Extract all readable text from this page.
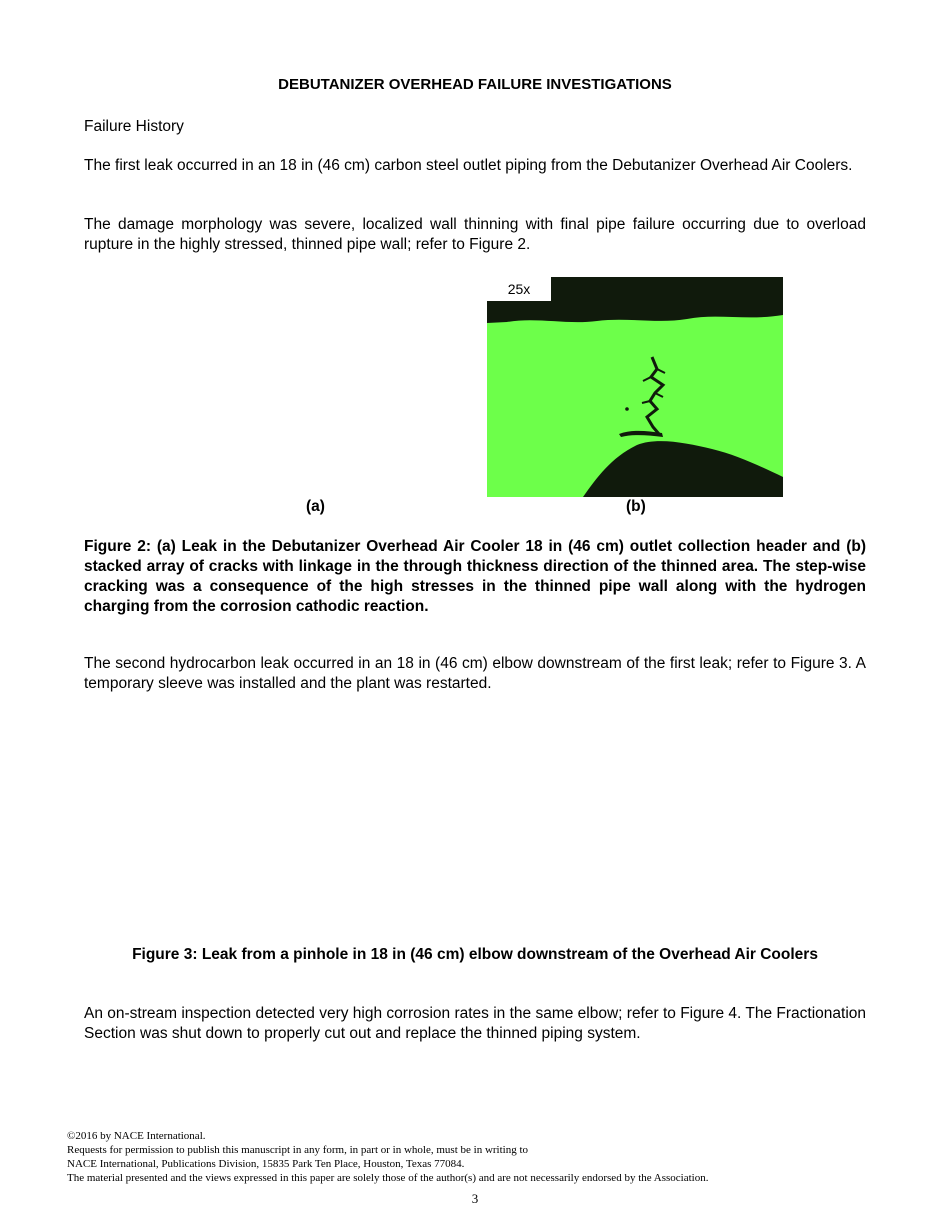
DEBUTANIZER OVERHEAD FAILURE INVESTIGATIONS
Failure History
The first leak occurred in an 18 in (46 cm) carbon steel outlet piping from the Debutanizer Overhead Air Coolers.
The damage morphology was severe, localized wall thinning with final pipe failure occurring due to overload rupture in the highly stressed, thinned pipe wall; refer to Figure 2.
25x
(a)	(b)
Figure 2: (a) Leak in the Debutanizer Overhead Air Cooler 18 in (46 cm) outlet collection header and (b) stacked array of cracks with linkage in the through thickness direction of the thinned area. The step-wise cracking was a consequence of the high stresses in the thinned pipe wall along with the hydrogen charging from the corrosion cathodic reaction.
The second hydrocarbon leak occurred in an 18 in (46 cm) elbow downstream of the first leak; refer to Figure 3. A temporary sleeve was installed and the plant was restarted.
Figure 3: Leak from a pinhole in 18 in (46 cm) elbow downstream of the Overhead Air Coolers
An on-stream inspection detected very high corrosion rates in the same elbow; refer to Figure 4. The Fractionation Section was shut down to properly cut out and replace the thinned piping system.
©2016 by NACE International.
Requests for permission to publish this manuscript in any form, in part or in whole, must be in writing to
NACE International, Publications Division, 15835 Park Ten Place, Houston, Texas 77084.
The material presented and the views expressed in this paper are solely those of the author(s) and are not necessarily endorsed by the Association.
3
